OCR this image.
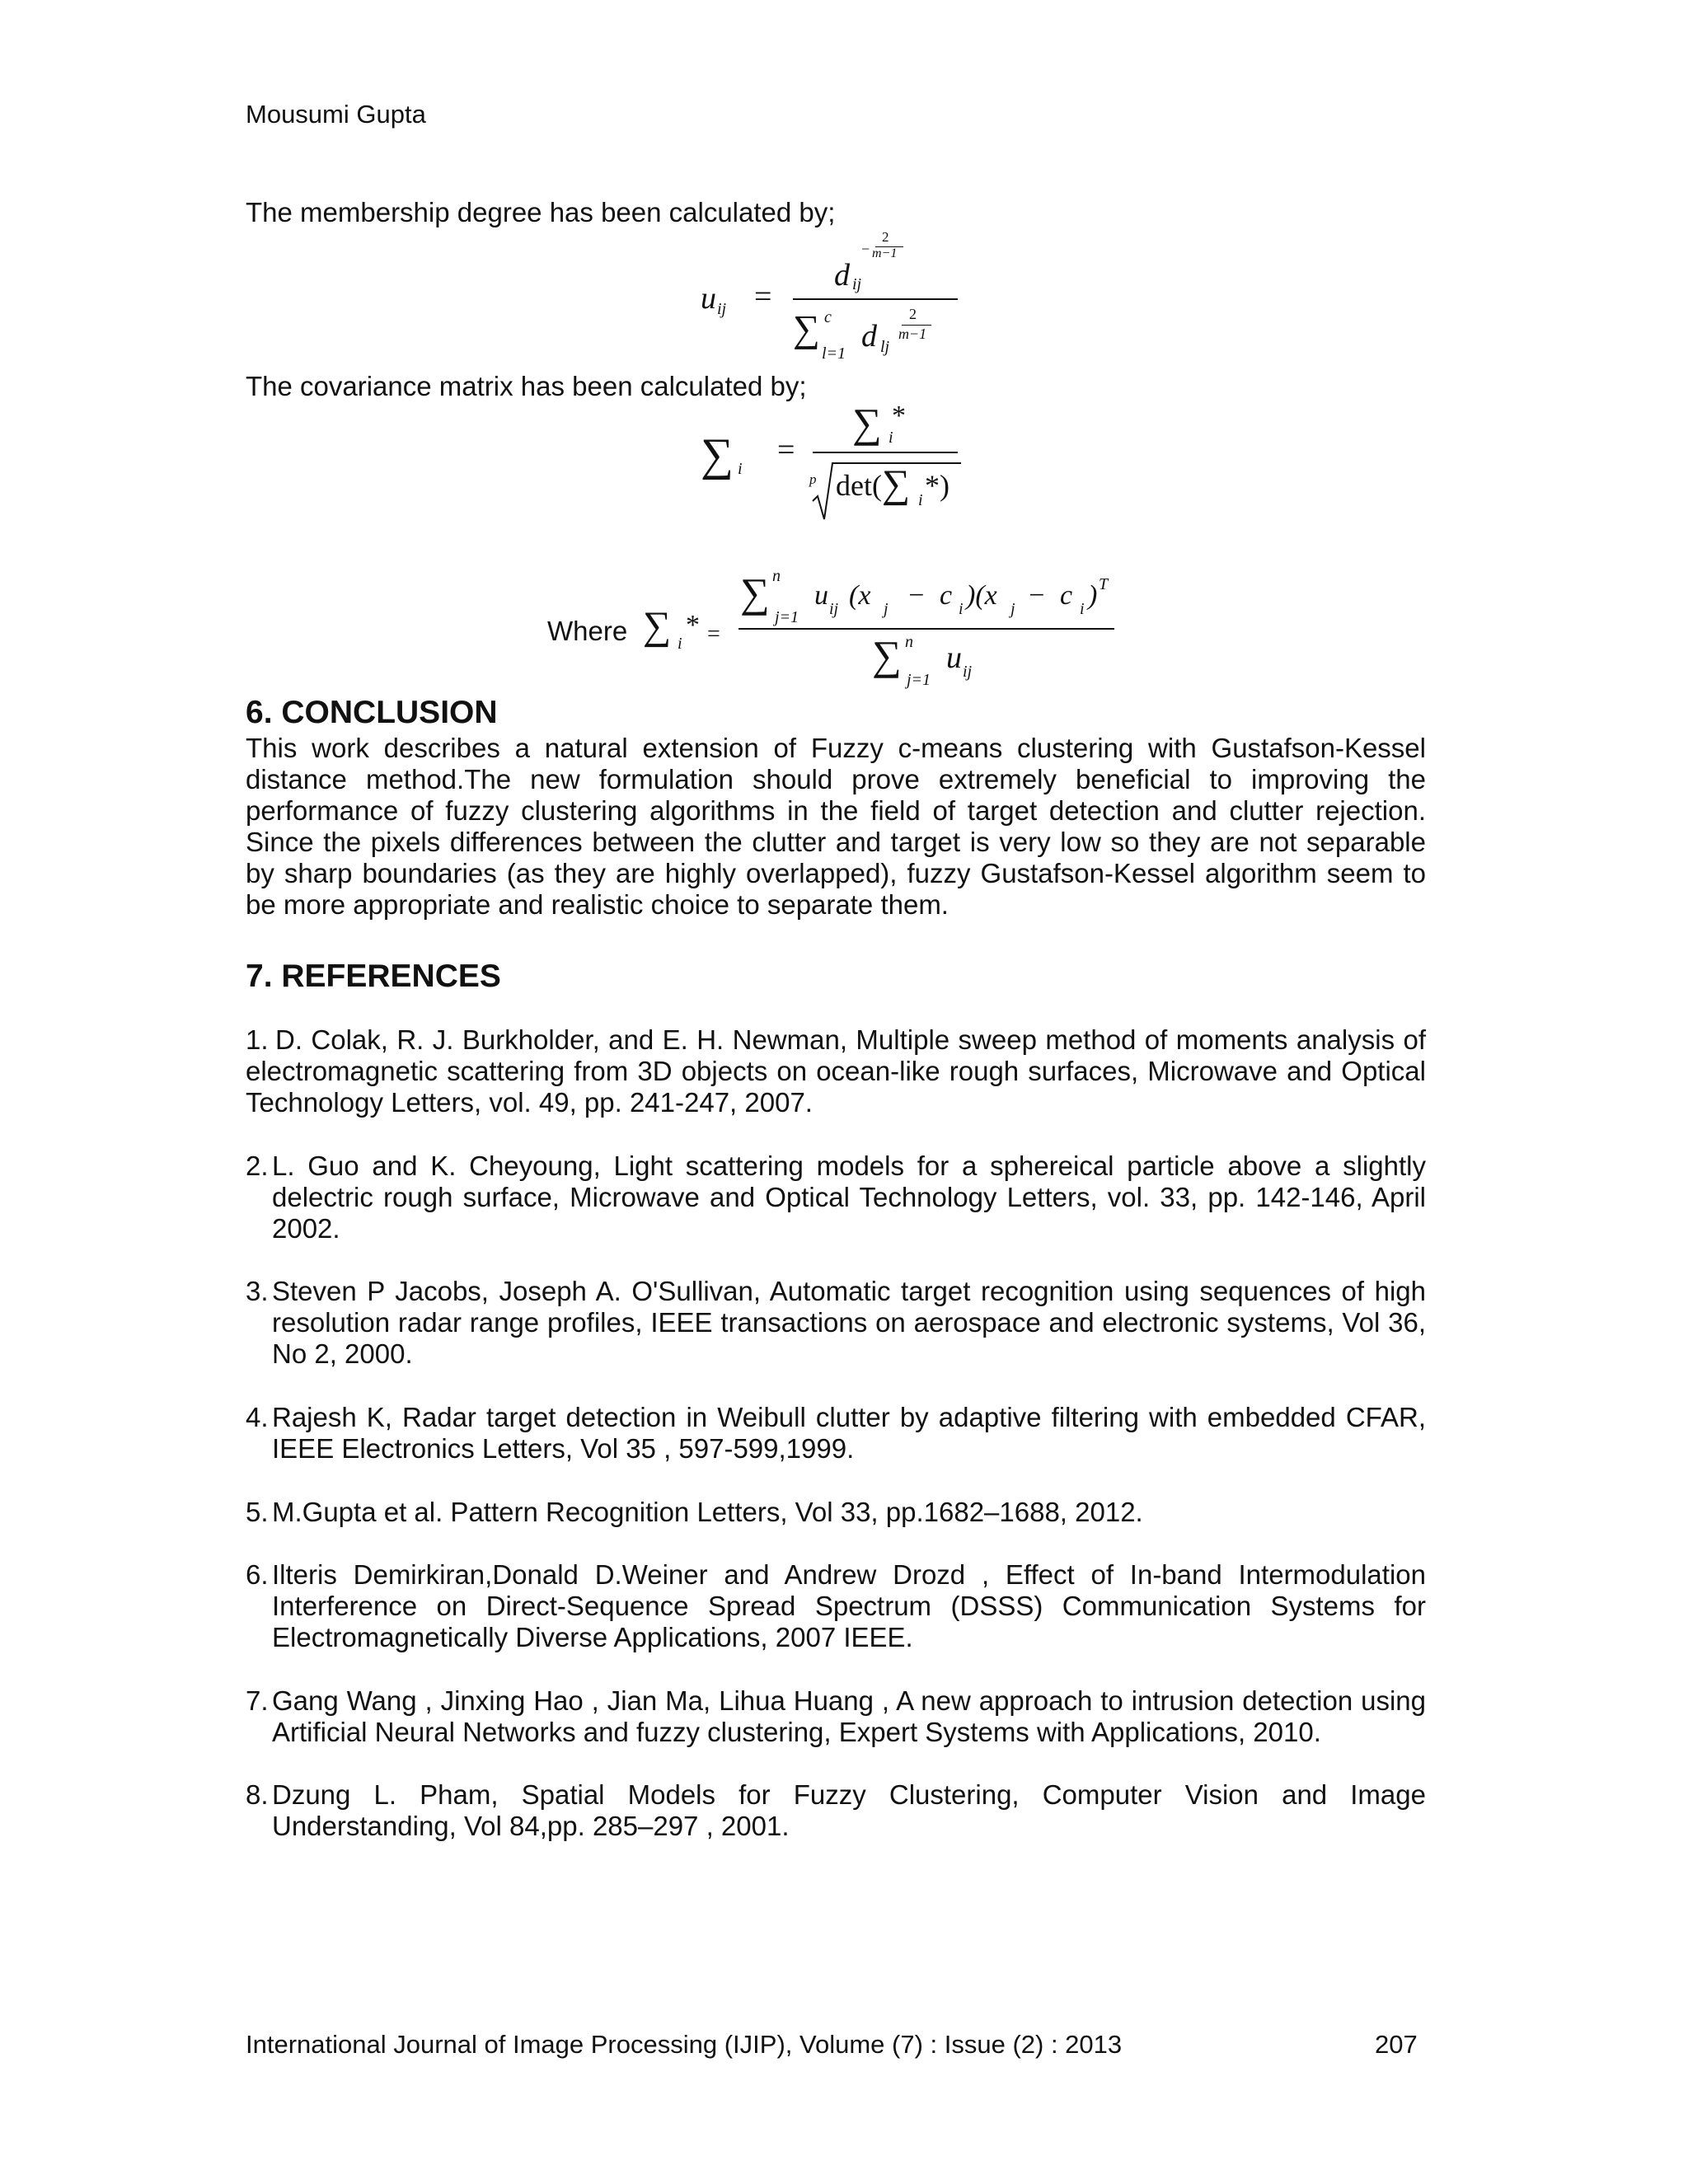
Mousumi Gupta
The membership degree has been calculated by;
u ij =
−
2
m−1
d ij
∑ c
l=1 d lj
2
m−1
The covariance matrix has been calculated by;
∑ i
=
∑ i
*
p det( ∑ i *)
Where ∑ i
* =
∑ n
j=1
u ij (x j −  c i )(x j −  c i ) T
∑ n
j=1
u ij
6. CONCLUSION
This work describes a natural extension of Fuzzy c-means clustering with Gustafson-Kessel distance method.The new formulation should prove extremely beneficial to improving the performance of fuzzy clustering algorithms in the field of target detection and clutter rejection. Since the pixels differences between the clutter and target is very low so they are not separable by sharp boundaries (as they are highly overlapped), fuzzy Gustafson-Kessel algorithm seem to be more appropriate and realistic choice to separate them.
7. REFERENCES
1. D. Colak, R. J. Burkholder, and E. H. Newman, Multiple sweep method of moments analysis of electromagnetic scattering from 3D objects on ocean-like rough surfaces, Microwave and Optical Technology Letters, vol. 49, pp. 241-247, 2007.
2. L. Guo and K. Cheyoung, Light scattering models for a sphereical particle above a slightly delectric rough surface, Microwave and Optical Technology Letters, vol. 33, pp. 142-146, April 2002.
3. Steven P Jacobs, Joseph A. O'Sullivan, Automatic target recognition using sequences of high resolution radar range profiles, IEEE transactions on aerospace and electronic systems, Vol 36, No 2, 2000.
4. Rajesh K, Radar target detection in Weibull clutter by adaptive filtering with embedded CFAR, IEEE Electronics Letters, Vol 35 , 597-599,1999.
5. M.Gupta et al. Pattern Recognition Letters, Vol 33, pp.1682–1688, 2012.
6. Ilteris Demirkiran,Donald D.Weiner and Andrew Drozd , Effect of In-band Intermodulation Interference on Direct-Sequence Spread Spectrum (DSSS) Communication Systems for Electromagnetically Diverse Applications, 2007 IEEE.
7. Gang Wang , Jinxing Hao , Jian Ma, Lihua Huang , A new approach to intrusion detection using Artificial Neural Networks and fuzzy clustering, Expert Systems with Applications, 2010.
8. Dzung L. Pham, Spatial Models for Fuzzy Clustering, Computer Vision and Image Understanding, Vol 84,pp. 285–297 , 2001.
International Journal of Image Processing (IJIP), Volume (7) : Issue (2) : 2013	207
